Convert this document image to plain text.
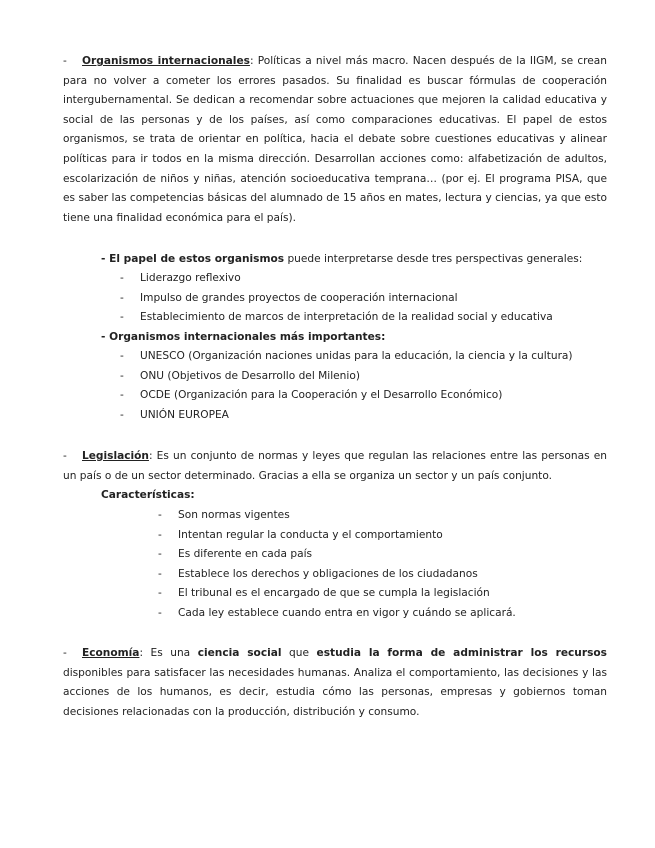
- Organismos internacionales: Políticas a nivel más macro. Nacen después de la IIGM, se crean para no volver a cometer los errores pasados. Su finalidad es buscar fórmulas de cooperación intergubernamental. Se dedican a recomendar sobre actuaciones que mejoren la calidad educativa y social de las personas y de los países, así como comparaciones educativas. El papel de estos organismos, se trata de orientar en política, hacia el debate sobre cuestiones educativas y alinear políticas para ir todos en la misma dirección. Desarrollan acciones como: alfabetización de adultos, escolarización de niños y niñas, atención socioeducativa temprana… (por ej. El programa PISA, que es saber las competencias básicas del alumnado de 15 años en mates, lectura y ciencias, ya que esto tiene una finalidad económica para el país).

- El papel de estos organismos puede interpretarse desde tres perspectivas generales:

- Liderazgo reflexivo
- Impulso de grandes proyectos de cooperación internacional
- Establecimiento de marcos de interpretación de la realidad social y educativa

- Organismos internacionales más importantes:

- UNESCO (Organización naciones unidas para la educación, la ciencia y la cultura)
- ONU (Objetivos de Desarrollo del Milenio)
- OCDE (Organización para la Cooperación y el Desarrollo Económico)
- UNIÓN EUROPEA

- Legislación: Es un conjunto de normas y leyes que regulan las relaciones entre las personas en un país o de un sector determinado. Gracias a ella se organiza un sector y un país conjunto.

Características:

- Son normas vigentes
- Intentan regular la conducta y el comportamiento
- Es diferente en cada país
- Establece los derechos y obligaciones de los ciudadanos
- El tribunal es el encargado de que se cumpla la legislación
- Cada ley establece cuando entra en vigor y cuándo se aplicará.

- Economía: Es una ciencia social que estudia la forma de administrar los recursos disponibles para satisfacer las necesidades humanas. Analiza el comportamiento, las decisiones y las acciones de los humanos, es decir, estudia cómo las personas, empresas y gobiernos toman decisiones relacionadas con la producción, distribución y consumo.
